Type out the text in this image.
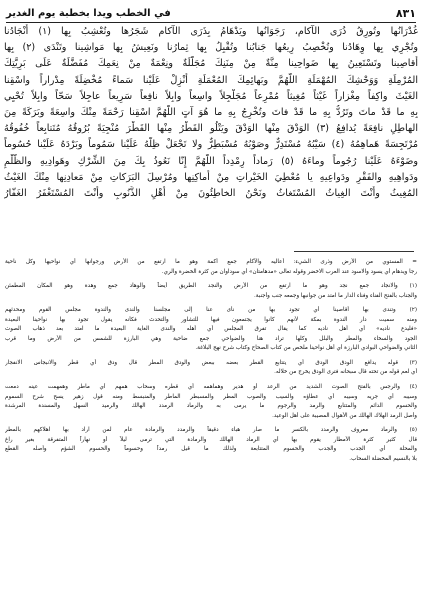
٨٣١
في الخطب ويدا بخطبة يوم الغدير
غُدْرَانُها وتُورِقُ ذُرَى الآكام، رَجَوَانُها ويَدْهَامُ بِذَرَى الآكام شَجَرُها وتُعْشِبُ بِها (١) أَنْجَادُنا
وتُجْرِي بِها وِهَادُنا وتُخْصِبُ رِيعُها جَنابُنا وتُقْبِلُ بِها ثِمارُنا ونَعِيشُ بِها مَواشِينا وتَنْدَى (٢) بِها
أَقاصِينا وتَسْتَعِينُ بِها ضَواحِينا مِنَّةٌ مِنْ مِنَنِكَ مُجَلَّلَةٌ ونِعْمَةٌ مِنْ نِعَمِكَ مُفَضَّلَةٌ عَلَى بَرِيَّتِكَ
المُرْمِلَةِ وَوَحْشِكَ المُهْمَلَةِ اللَّهُمَّ وبَهائِمِكَ المُعْمَلَةِ أَنْزِلْ عَلَيْنا سَماءً مُخْضِلَةً مِدْراراً واسْقِنا
الغَيْثَ واكِفاً مِغْزاراً غَيْثاً مُغِيثاً مُمْرِعاً مُجَلْجِلاً واسِعاً وابِلاً نافِعاً سَرِيعاً عاجِلاً سَحّاً وابِلاً تُحْيِي
بِهِ ما قَدْ ماتَ وتَرُدُّ بِهِ ما قَدْ فاتَ وتُخْرِجُ بِهِ ما هُوَ آتٍ اللَّهُمَّ اسْقِنا رَحْمَةً مِنْكَ واسِعَةً وبَرَكَةً مِنَ
الهاطِلِ نافِعَةً يُدافِعُ (٣) الوَدْقَ مِنْها الوَدْقَ ويَتْلُو القَطْرُ مِنْها القَطْرَ مُنْجِيَةً بُرُوقُهُ مُتَتابِعاً خُفُوقُهُ
مُرْتَجِسَةً هَماهِمُهُ (٤) سَيْبُهُ مُسْتَدِرٌّ وصَوْبُهُ مُسْبَطِرٌّ ولا تَجْعَلْ ظِلَّهُ عَلَيْنا سَمُوماً وبَرْدَهُ عَلَيْنا حُسُوماً
وضَوْءَهُ عَلَيْنا رُجُوماً وماءَهُ (٥) رَماداً رِمْدِداً اللَّهُمَّ إِنّا نَعُوذُ بِكَ مِنَ الشِّرْكِ وهَوادِيهِ والظُّلْمِ
ودَواهِيهِ والفَقْرِ ودَواعِيهِ يا مُعْطِيَ الخَيْراتِ مِنْ أَماكِنِها ومُرْسِلَ البَرَكاتِ مِنْ مَعادِنِها مِنْكَ الغَيْثُ
المُغِيثُ وأَنْتَ الغِياثُ المُسْتَغاثُ ونَحْنُ الخاطِئُونَ مِنْ أَهْلِ الذُّنُوبِ وأَنْتَ المُسْتَغْفَرُ الغَفّارُ
= المستوي من الأرض وذرى الشيء: أعاليه والآكام جمع أكمة وهو ما ارتفع من الأرض ورجوانها أي نواحيها وكل ناحية
رجا ويدهام أي يسود والاسود عند العرب الاخضر وقوله تعالى «مدهامتان» أي سوداوان من كثرة الخضرة والري.
(١) والانجاد جمع نجد وهو ما ارتفع من الأرض والنجد الطريق أيضاً والوهاد جمع وهدة وهو المكان المطمئن
والجناب بالفتح الفناء وفناء الدار ما امتد من جوانبها وجمعه جنب وأجنبة.
(٢) وتندى بها أقاصينا أي تجود بها من نأى عنا إلى مجلسنا والندى والندوة مجلس القوم ومحدثهم
ومنه سميت دار الندوة بمكة لأنهم كانوا يجتمعون فيها للتشاور والتحدث فكأنه يقول تجود بها نواحينا البعيدة
«فليدع ناديه» أي أهل ناديه كما يقال تفرق المجلس أي أهله والندى الغاية البعيدة ما امتد بعد ذهاب الصوت
الجود والسخاء والمطر والبلل وكلها تراد هنا والضواحي جمع ضاحية وهي البارزة للشمس من الأرض وما قرب
الثاني والضواحي البوادي البارزة أي أهل نواحينا ملخص من كتاب الصحاح وكتاب شرح نهج البلاغة.
(٣) قوله يدافع الودق الودق أي يتتابع القطر بعضه ببعض والودق المطر قال ودق أي قطر والانبجاس الانفجار
أي لعم قوله من تحته قال سبحانه فترى الودق يخرج من خلاله.
(٤) والرجس بالفتح الصوت الشديد من الرعد أو هدير وهماهمه أي قطره وسحاب همهم أي ماطر وهمهمت عينه دمعت
وسيبه أي جريه وسيبه أي عطاؤه والسيب والصوب المطر والمسبطر الماطر والمنبسط ومنه قول زهير يسح شرح السموم
والحسوم الدائم والمتتابع والرمد والرجوم ما يرمى به والرماد الرمدد الهالك والرميد السهل والمسندة المرشدة
وأصل الرمد الهلاك الهالك من الأهوال المصيبة على أهل الوعيد.
(٥) والرماد معروف والرمدد بالكسر ما صار هباء دقيقاً والرمدد والرمادة عام لمن اراد بها اهلاكهم بالمطر
قال كثير كثرة الأمطار يقوم بها أي الرماد الهالك والرمادة التي ترمى ليلاً أو نهاراً المتفرقة بغير راغ
والمحلة أي الجدب والجدب والحسوم المتتابعة ولذلك ما قيل رمداً وحسوماً والحسوم الشؤم وأصله القطع
بلا بالنسيم المخضلة السحاب.
